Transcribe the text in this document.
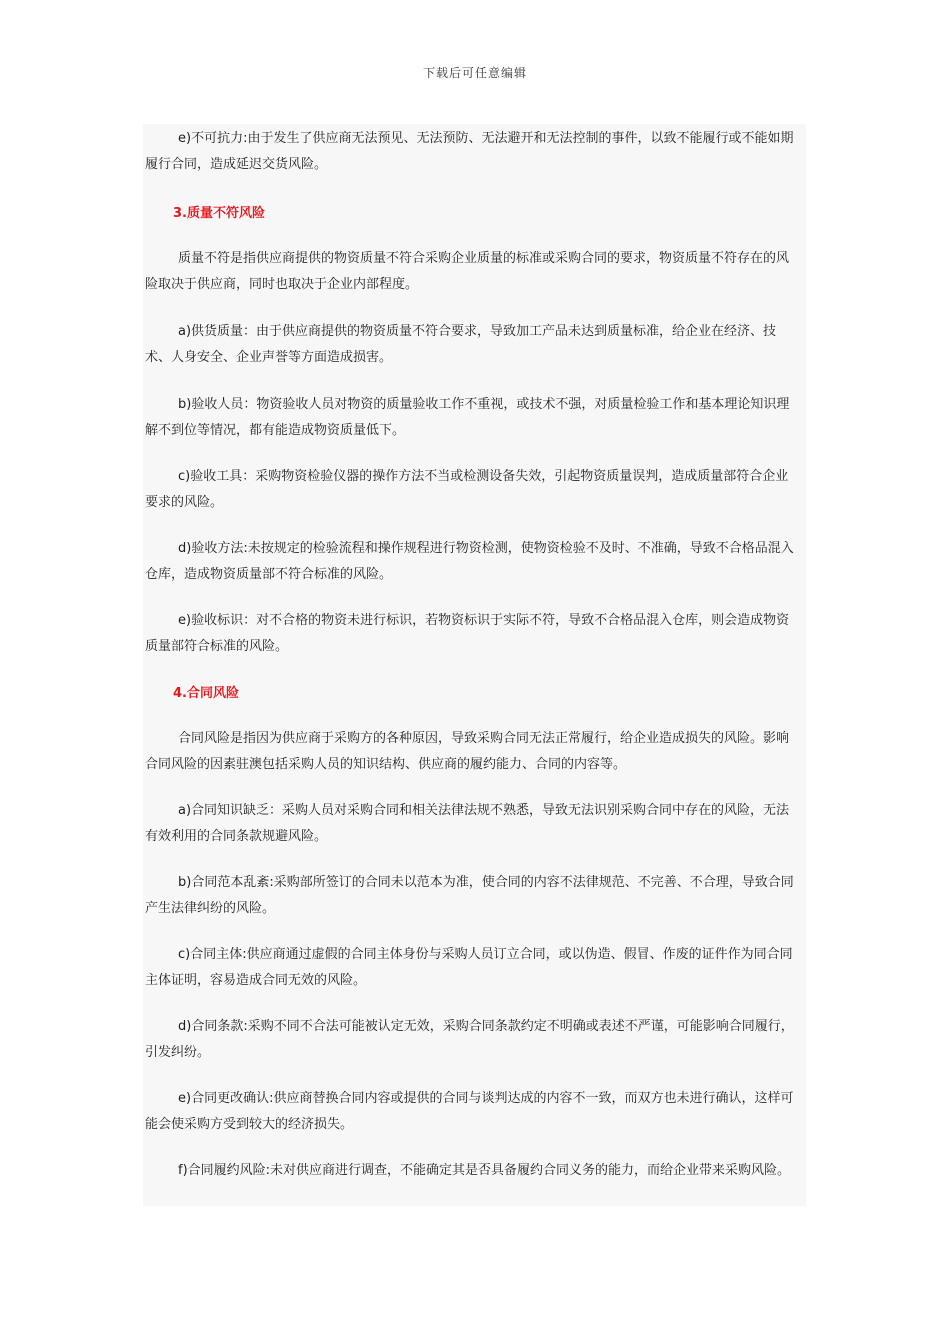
下载后可任意编辑

e)不可抗力:由于发生了供应商无法预见、无法预防、无法避开和无法控制的事件，以致不能履行或不能如期履行合同，造成延迟交货风险。

3.质量不符风险

质量不符是指供应商提供的物资质量不符合采购企业质量的标准或采购合同的要求，物资质量不符存在的风险取决于供应商，同时也取决于企业内部程度。

a)供货质量：由于供应商提供的物资质量不符合要求，导致加工产品未达到质量标准，给企业在经济、技术、人身安全、企业声誉等方面造成损害。

b)验收人员：物资验收人员对物资的质量验收工作不重视，或技术不强，对质量检验工作和基本理论知识理解不到位等情况，都有能造成物资质量低下。

c)验收工具：采购物资检验仪器的操作方法不当或检测设备失效，引起物资质量误判，造成质量部符合企业要求的风险。

d)验收方法:未按规定的检验流程和操作规程进行物资检测，使物资检验不及时、不准确，导致不合格品混入仓库，造成物资质量部不符合标准的风险。

e)验收标识：对不合格的物资未进行标识，若物资标识于实际不符，导致不合格品混入仓库，则会造成物资质量部符合标准的风险。

4.合同风险

合同风险是指因为供应商于采购方的各种原因，导致采购合同无法正常履行，给企业造成损失的风险。影响合同风险的因素驻澳包括采购人员的知识结构、供应商的履约能力、合同的内容等。

a)合同知识缺乏：采购人员对采购合同和相关法律法规不熟悉，导致无法识别采购合同中存在的风险，无法有效利用的合同条款规避风险。

b)合同范本乱紊:采购部所签订的合同未以范本为准，使合同的内容不法律规范、不完善、不合理，导致合同产生法律纠纷的风险。

c)合同主体:供应商通过虚假的合同主体身份与采购人员订立合同，或以伪造、假冒、作废的证件作为同合同主体证明，容易造成合同无效的风险。

d)合同条款:采购不同不合法可能被认定无效，采购合同条款约定不明确或表述不严谨，可能影响合同履行，引发纠纷。

e)合同更改确认:供应商替换合同内容或提供的合同与谈判达成的内容不一致，而双方也未进行确认，这样可能会使采购方受到较大的经济损失。

f)合同履约风险:未对供应商进行调查，不能确定其是否具备履约合同义务的能力，而给企业带来采购风险。
